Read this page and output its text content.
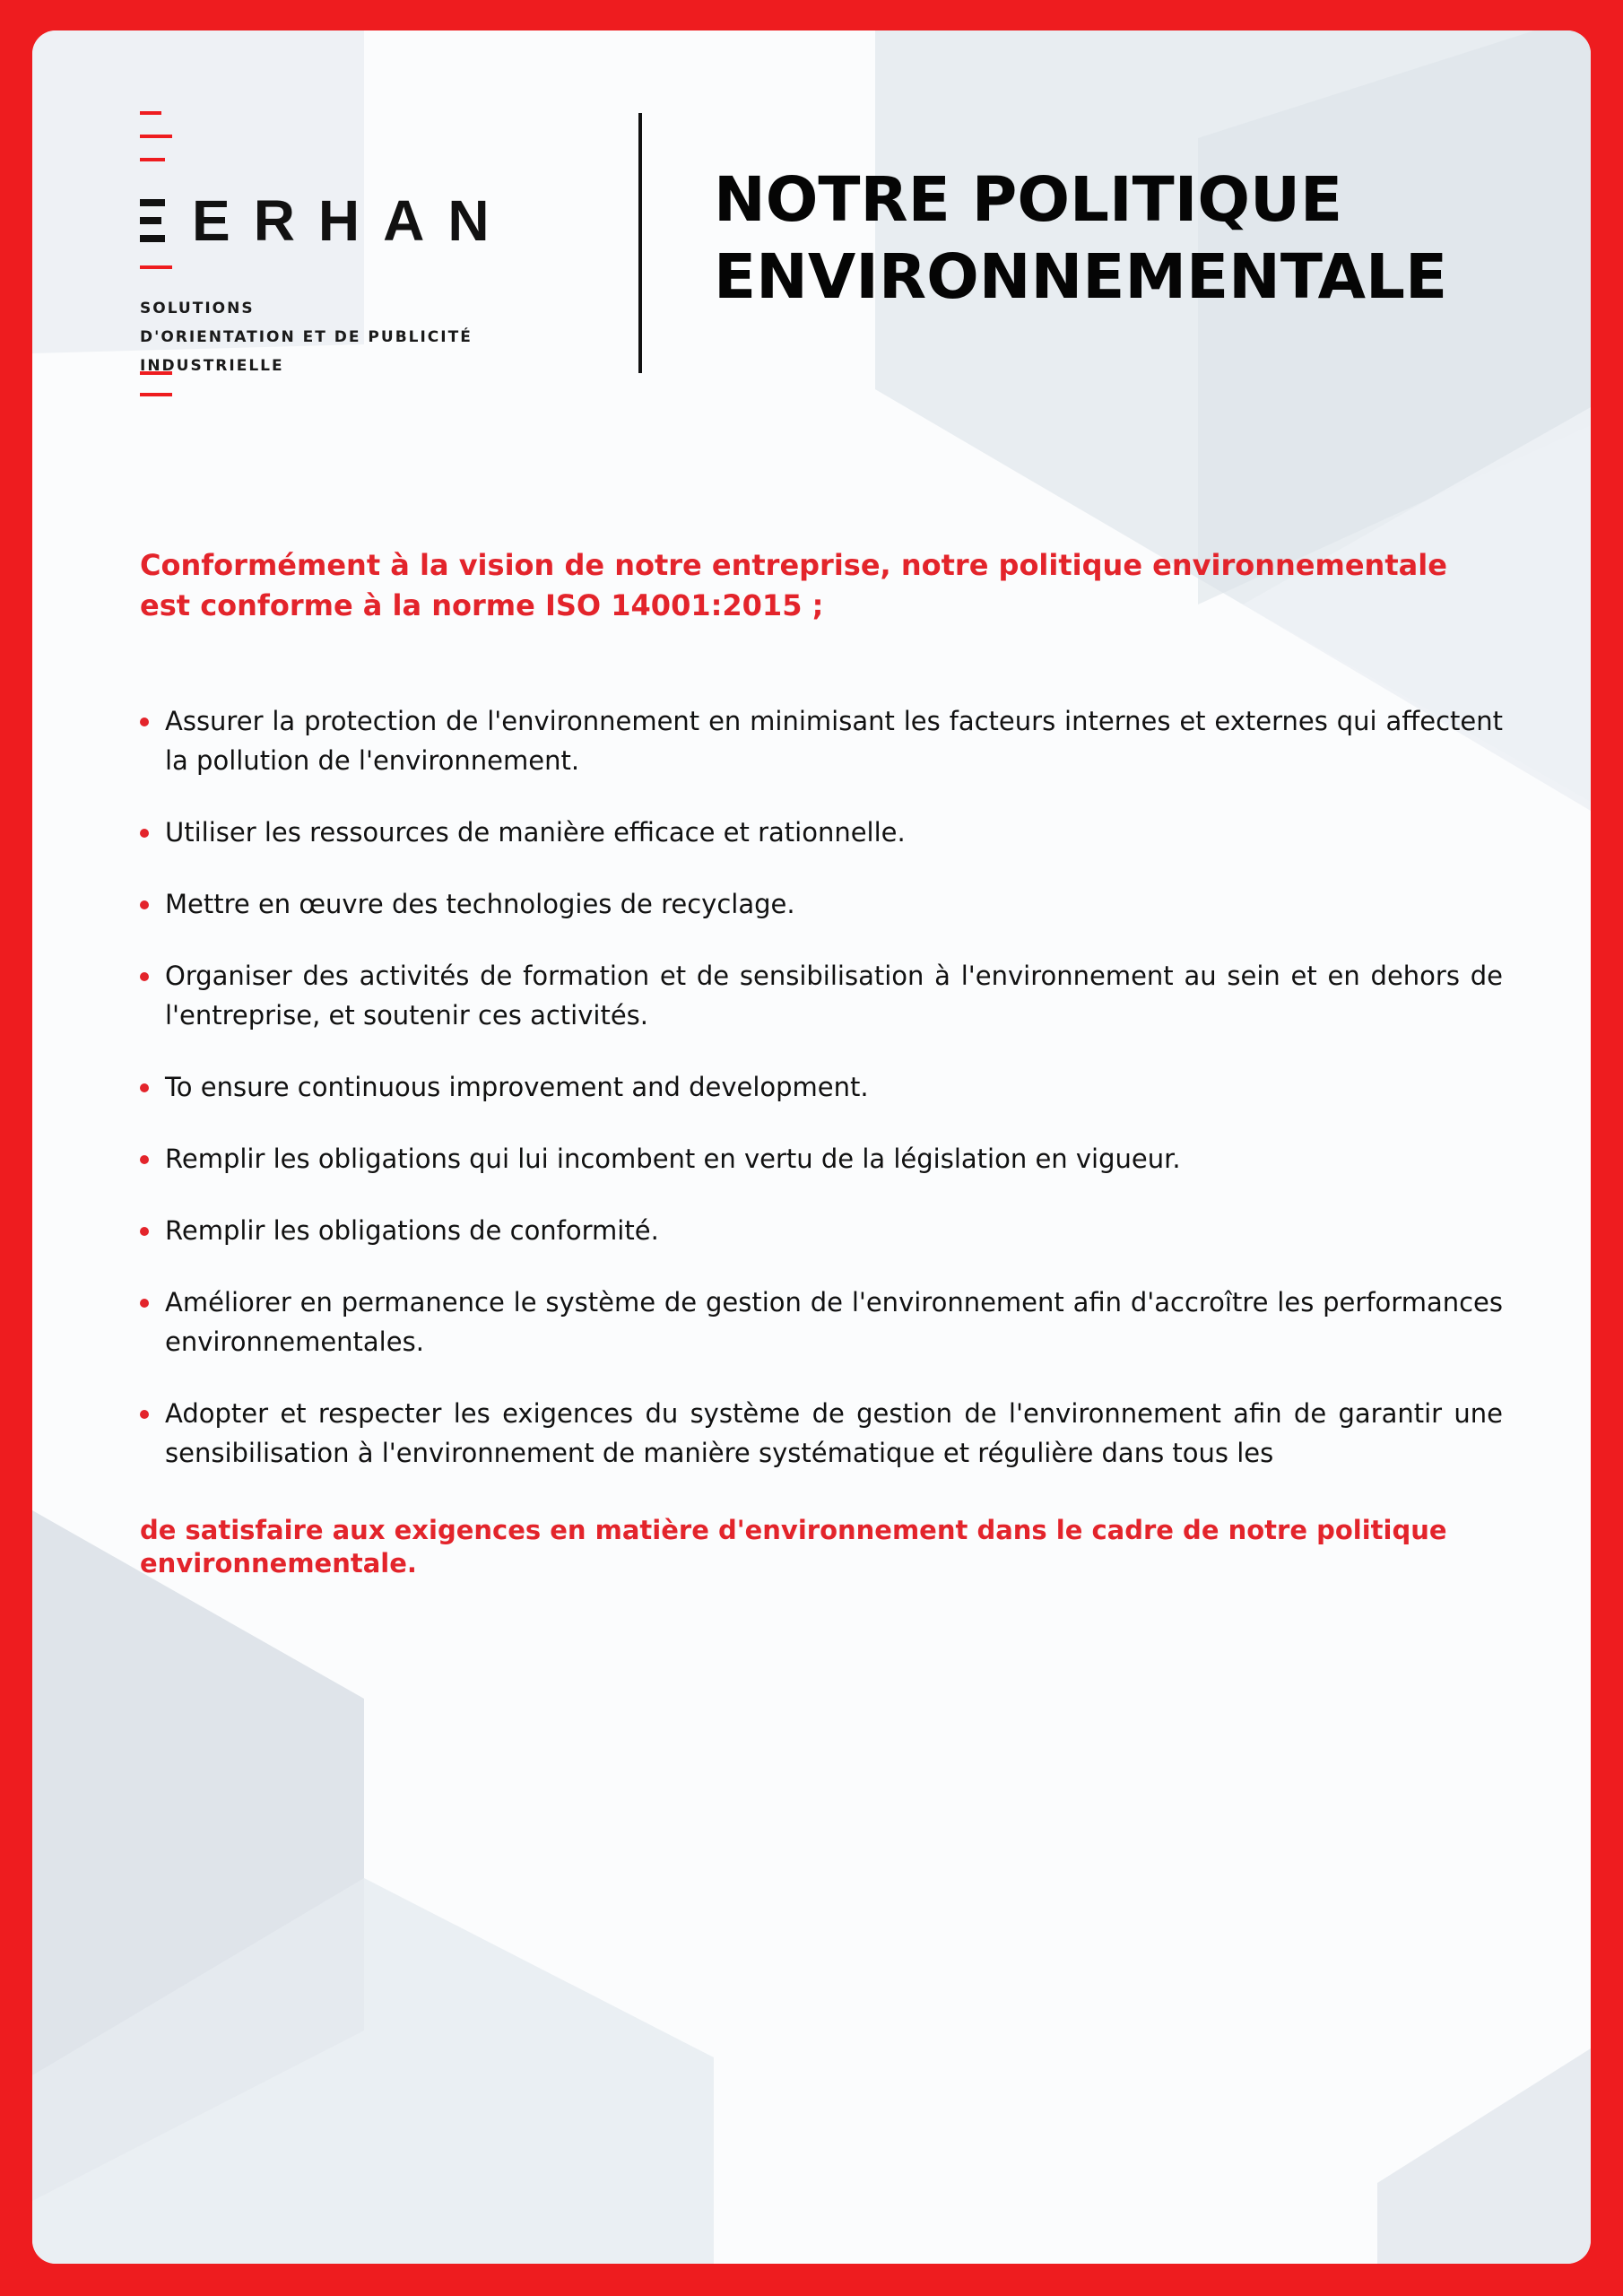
ERHAN
SOLUTIONS
D'ORIENTATION ET DE PUBLICITÉ
INDUSTRIELLE
NOTRE POLITIQUE
ENVIRONNEMENTALE
Conformément à la vision de notre entreprise, notre politique environnementale est conforme à la norme ISO 14001:2015 ;
Assurer la protection de l'environnement en minimisant les facteurs internes et externes qui affectent la pollution de l'environnement.
Utiliser les ressources de manière efficace et rationnelle.
Mettre en œuvre des technologies de recyclage.
Organiser des activités de formation et de sensibilisation à l'environnement au sein et en dehors de l'entreprise, et soutenir ces activités.
To ensure continuous improvement and development.
Remplir les obligations qui lui incombent en vertu de la législation en vigueur.
Remplir les obligations de conformité.
Améliorer en permanence le système de gestion de l'environnement afin d'accroître les performances environnementales.
Adopter et respecter les exigences du système de gestion de l'environnement afin de garantir une sensibilisation à l'environnement de manière systématique et régulière dans tous les
de satisfaire aux exigences en matière d'environnement dans le cadre de notre politique environnementale.
